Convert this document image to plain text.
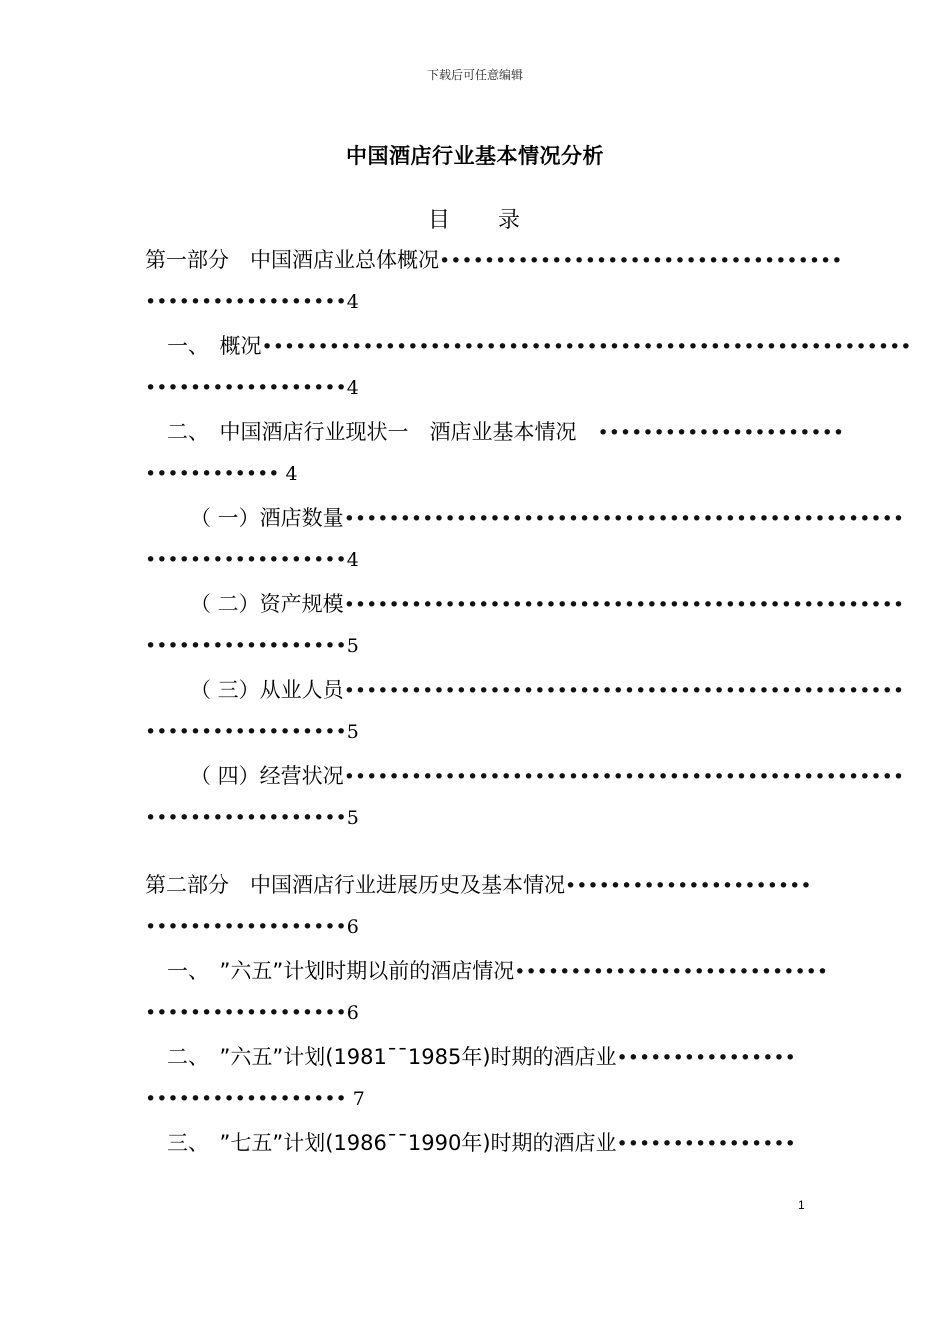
下载后可任意编辑
中国酒店行业基本情况分析
目 录
第一部分　中国酒店业总体概况••••••••••••••••••••••••••••••••••••
••••••••••••••••••4
一、　概况••••••••••••••••••••••••••••••••••••••••••••••••••••••••••
••••••••••••••••••4
二、　中国酒店行业现状一　酒店业基本情况　••••••••••••••••••••••
•••••••••••• 4
（ 一）酒店数量••••••••••••••••••••••••••••••••••••••••••••••••••
••••••••••••••••••4
（ 二）资产规模••••••••••••••••••••••••••••••••••••••••••••••••••
••••••••••••••••••5
（ 三）从业人员••••••••••••••••••••••••••••••••••••••••••••••••••
••••••••••••••••••5
（ 四）经营状况••••••••••••••••••••••••••••••••••••••••••••••••••
••••••••••••••••••5
第二部分　中国酒店行业进展历史及基本情况••••••••••••••••••••••
••••••••••••••••••6
一、　”六五”计划时期以前的酒店情况••••••••••••••••••••••••••••
••••••••••••••••••6
二、　”六五”计划(1981¯¯1985年)时期的酒店业••••••••••••••••
•••••••••••••••••• 7
三、　”七五”计划(1986¯¯1990年)时期的酒店业••••••••••••••••
1
